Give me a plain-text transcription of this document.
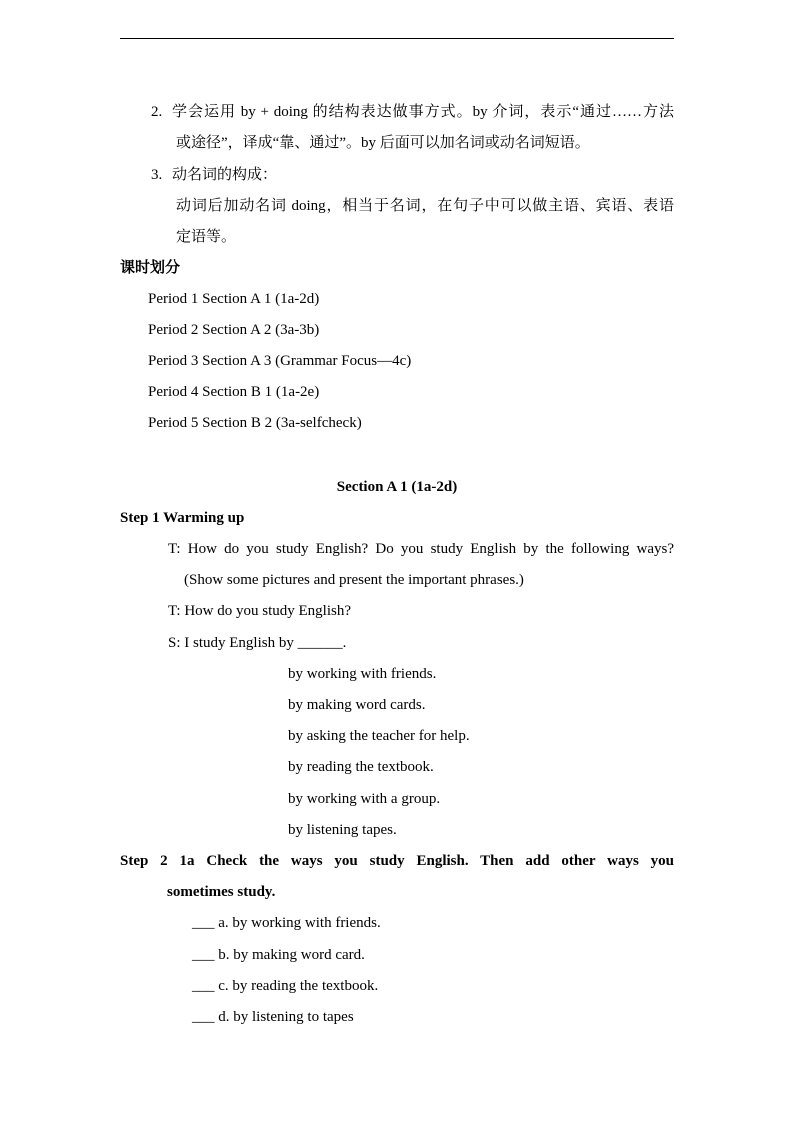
2. 学会运用 by + doing 的结构表达做事方式。by 介词，表示“通过……方法
或途径”，译成“靠、通过”。by 后面可以加名词或动名词短语。
3. 动名词的构成：
动词后加动名词 doing，相当于名词，在句子中可以做主语、宾语、表语
定语等。
课时划分
Period 1 Section A 1 (1a-2d)
Period 2 Section A 2 (3a-3b)
Period 3 Section A 3 (Grammar Focus—4c)
Period 4 Section B 1 (1a-2e)
Period 5 Section B 2 (3a-selfcheck)
Section A 1 (1a-2d)
Step 1 Warming up
T: How do you study English? Do you study English by the following ways?
(Show some pictures and present the important phrases.)
T: How do you study English?
S: I study English by ______.
by working with friends.
by making word cards.
by asking the teacher for help.
by reading the textbook.
by working with a group.
by listening tapes.
Step 2 1a Check the ways you study English. Then add other ways you
sometimes study.
___ a. by working with friends.
___ b. by making word card.
___ c. by reading the textbook.
___ d. by listening to tapes
